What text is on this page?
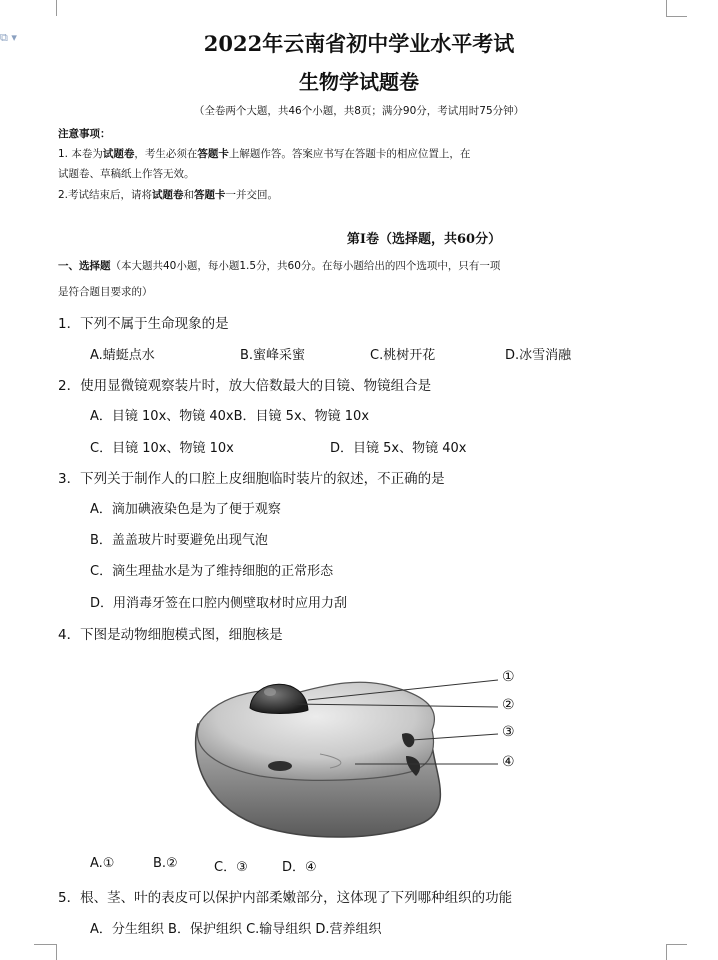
⧉ ▾	2022年云南省初中学业水平考试
生物学试题卷
（全卷两个大题，共46个小题，共8页；满分90分，考试用时75分钟）
注意事项：
1. 本卷为试题卷，考生必须在答题卡上解题作答。答案应书写在答题卡的相应位置上，在
试题卷、草稿纸上作答无效。
2.考试结束后，请将试题卷和答题卡一并交回。
第Ⅰ卷（选择题，共60分）
一、选择题（本大题共40小题，每小题1.5分，共60分。在每小题给出的四个选项中，只有一项
是符合题目要求的）
1．下列不属于生命现象的是
A.蜻蜓点水	B.蜜峰采蜜	C.桃树开花	D.冰雪消融
2．使用显微镜观察装片时，放大倍数最大的目镜、物镜组合是
A．目镜 10x、物镜 40xB．目镜 5x、物镜 10x
C．目镜 10x、物镜 10x	D．目镜 5x、物镜 40x
3．下列关于制作人的口腔上皮细胞临时装片的叙述，不正确的是
A．滴加碘液染色是为了便于观察
B．盖盖玻片时要避免出现气泡
C．滴生理盐水是为了维持细胞的正常形态
D．用消毒牙签在口腔内侧壁取材时应用力刮
4．下图是动物细胞模式图，细胞核是
①
②
③
④
A.①	B.②	C．③	D．④
5．根、茎、叶的表皮可以保护内部柔嫩部分，这体现了下列哪种组织的功能
A．分生组织 B．保护组织 C.输导组织 D.营养组织
